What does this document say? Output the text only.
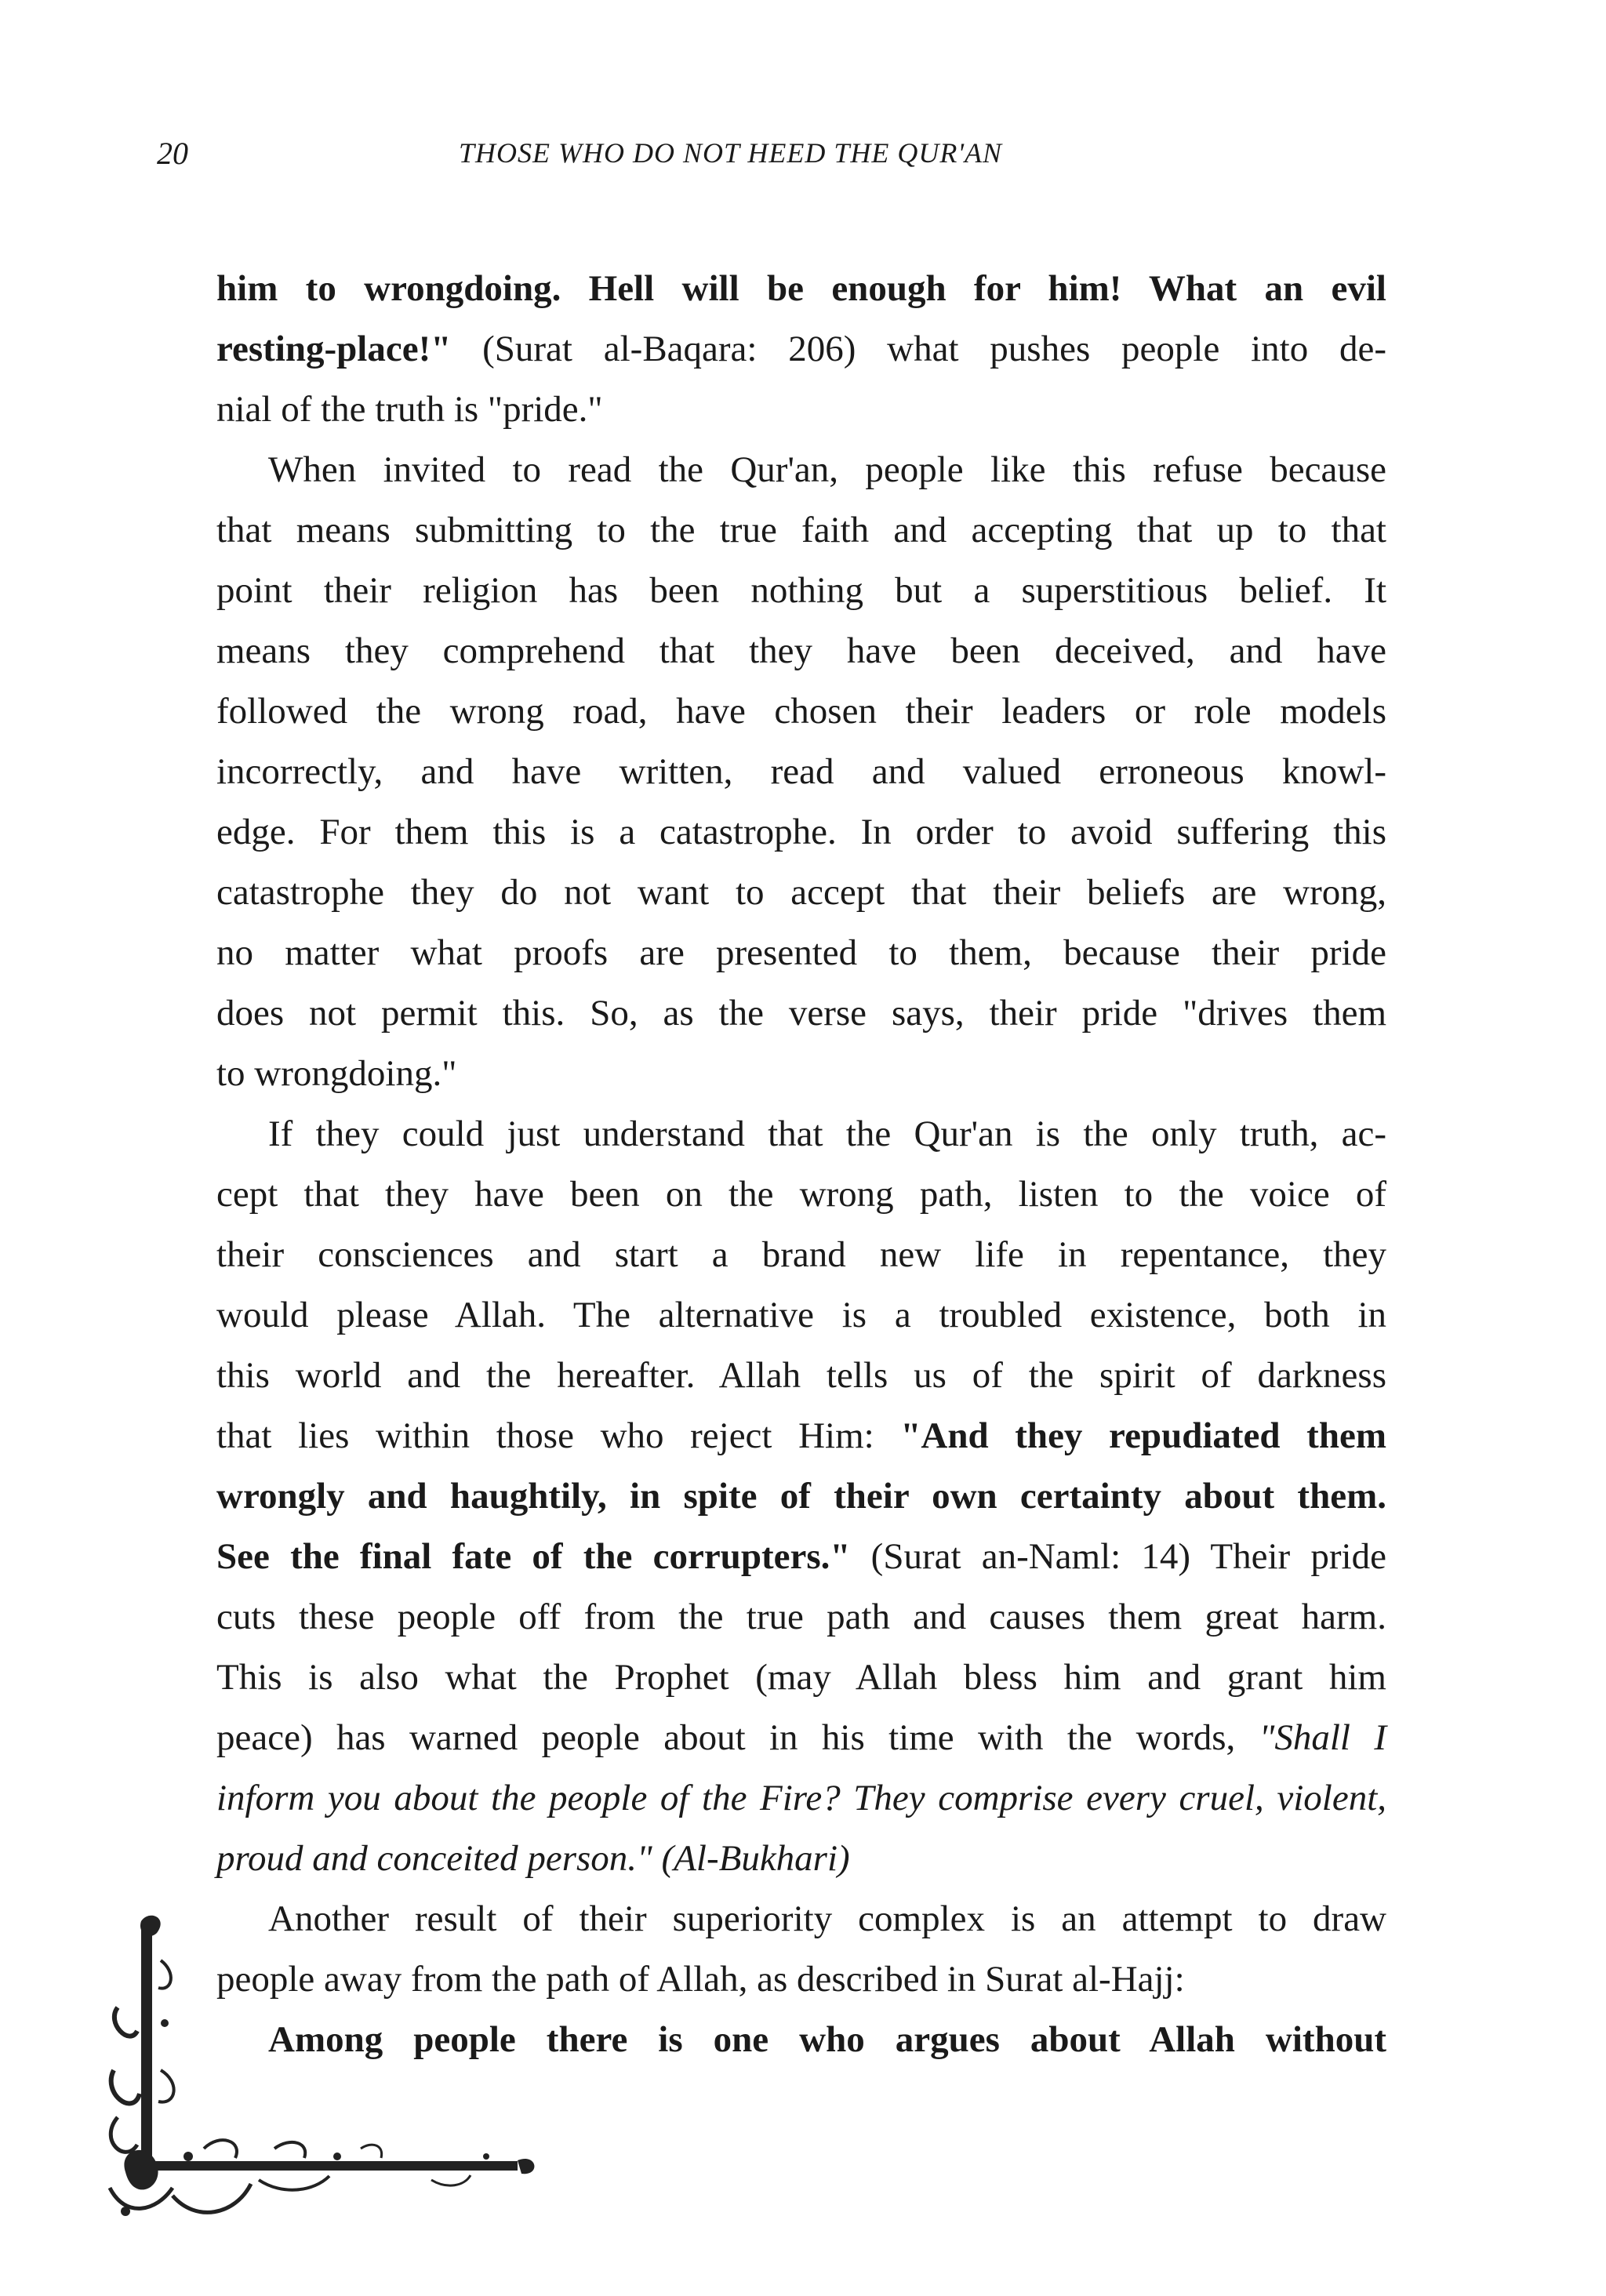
20	THOSE WHO DO NOT HEED THE QUR'AN
him to wrongdoing. Hell will be enough for him! What an evil
resting-place!" (Surat al-Baqara: 206) what pushes people into de-
nial of the truth is "pride."
When invited to read the Qur'an, people like this refuse because
that means submitting to the true faith and accepting that up to that
point their religion has been nothing but a superstitious belief. It
means they comprehend that they have been deceived, and have
followed the wrong road, have chosen their leaders or role models
incorrectly, and have written, read and valued erroneous knowl-
edge. For them this is a catastrophe. In order to avoid suffering this
catastrophe they do not want to accept that their beliefs are wrong,
no matter what proofs are presented to them, because their pride
does not permit this. So, as the verse says, their pride "drives them
to wrongdoing."
If they could just understand that the Qur'an is the only truth, ac-
cept that they have been on the wrong path, listen to the voice of
their consciences and start a brand new life in repentance, they
would please Allah. The alternative is a troubled existence, both in
this world and the hereafter. Allah tells us of the spirit of darkness
that lies within those who reject Him: "And they repudiated them
wrongly and haughtily, in spite of their own certainty about them.
See the final fate of the corrupters." (Surat an-Naml: 14) Their pride
cuts these people off from the true path and causes them great harm.
This is also what the Prophet (may Allah bless him and grant him
peace) has warned people about in his time with the words, "Shall I
inform you about the people of the Fire? They comprise every cruel, violent,
proud and conceited person." (Al-Bukhari)
Another result of their superiority complex is an attempt to draw
people away from the path of Allah, as described in Surat al-Hajj:
Among people there is one who argues about Allah without
